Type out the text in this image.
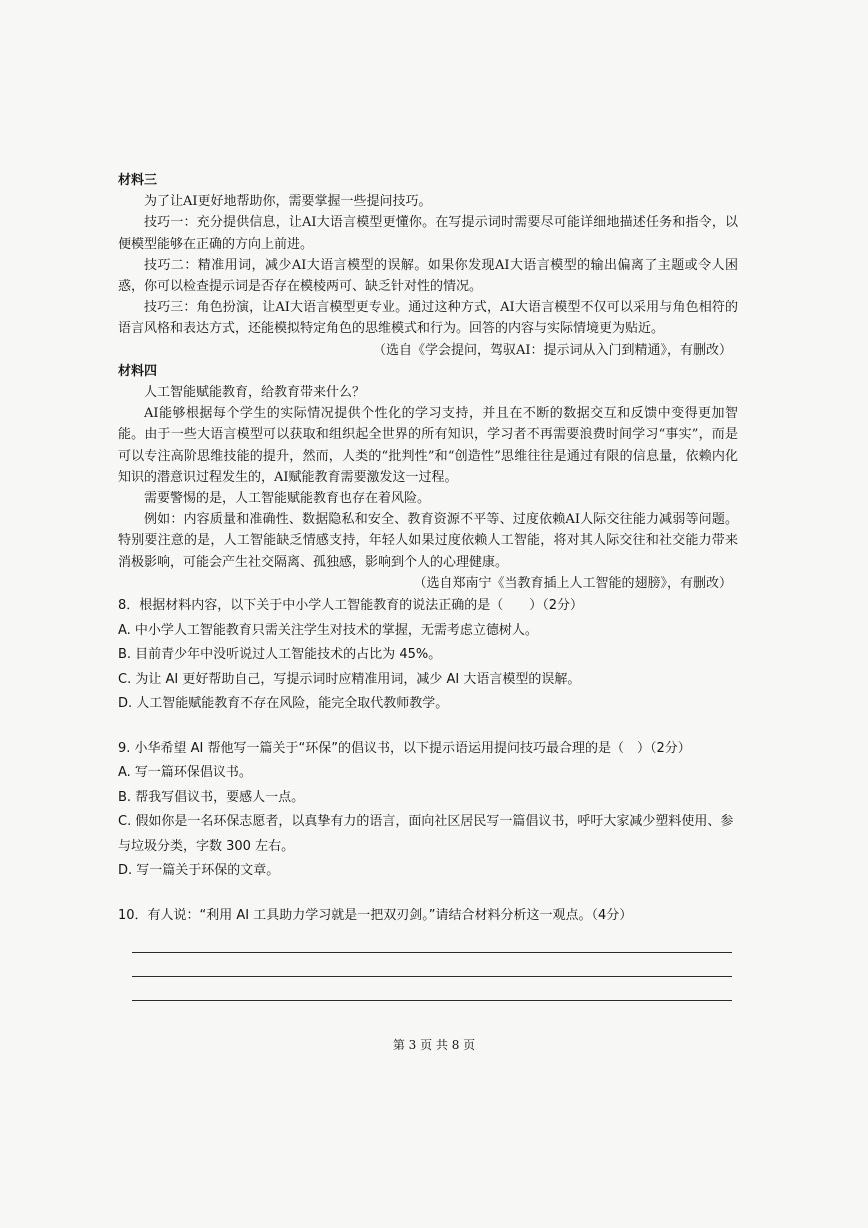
材料三

为了让AI更好地帮助你，需要掌握一些提问技巧。

技巧一：充分提供信息，让AI大语言模型更懂你。在写提示词时需要尽可能详细地描述任务和指令，以便模型能够在正确的方向上前进。

技巧二：精准用词，减少AI大语言模型的误解。如果你发现AI大语言模型的输出偏离了主题或令人困惑，你可以检查提示词是否存在模棱两可、缺乏针对性的情况。

技巧三：角色扮演，让AI大语言模型更专业。通过这种方式，AI大语言模型不仅可以采用与角色相符的语言风格和表达方式，还能模拟特定角色的思维模式和行为。回答的内容与实际情境更为贴近。

（选自《学会提问，驾驭AI：提示词从入门到精通》，有删改）

材料四

人工智能赋能教育，给教育带来什么？

AI能够根据每个学生的实际情况提供个性化的学习支持，并且在不断的数据交互和反馈中变得更加智能。由于一些大语言模型可以获取和组织起全世界的所有知识，学习者不再需要浪费时间学习“事实”，而是可以专注高阶思维技能的提升，然而，人类的“批判性”和“创造性”思维往往是通过有限的信息量，依赖内化知识的潜意识过程发生的，AI赋能教育需要激发这一过程。

需要警惕的是，人工智能赋能教育也存在着风险。

例如：内容质量和准确性、数据隐私和安全、教育资源不平等、过度依赖AI人际交往能力减弱等问题。特别要注意的是，人工智能缺乏情感支持，年轻人如果过度依赖人工智能，将对其人际交往和社交能力带来消极影响，可能会产生社交隔离、孤独感，影响到个人的心理健康。

（选自郑南宁《当教育插上人工智能的翅膀》，有删改）

8．根据材料内容，以下关于中小学人工智能教育的说法正确的是（　　）（2分）

A. 中小学人工智能教育只需关注学生对技术的掌握，无需考虑立德树人。

B. 目前青少年中没听说过人工智能技术的占比为 45%。

C. 为让 AI 更好帮助自己，写提示词时应精准用词，减少 AI 大语言模型的误解。

D. 人工智能赋能教育不存在风险，能完全取代教师教学。

9. 小华希望 AI 帮他写一篇关于“环保”的倡议书，以下提示语运用提问技巧最合理的是（　）（2分）

A. 写一篇环保倡议书。

B. 帮我写倡议书，要感人一点。

C. 假如你是一名环保志愿者，以真挚有力的语言，面向社区居民写一篇倡议书，呼吁大家减少塑料使用、参与垃圾分类，字数 300 左右。

D. 写一篇关于环保的文章。

10．有人说：“利用 AI 工具助力学习就是一把双刃剑。”请结合材料分析这一观点。（4分）

第 3 页 共 8 页
